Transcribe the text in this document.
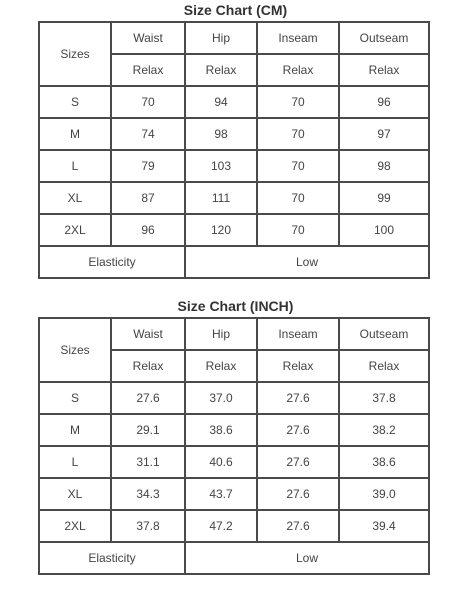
Size Chart (CM)
Sizes	Waist	Hip	Inseam	Outseam
	Relax	Relax	Relax	Relax
S	70	94	70	96
M	74	98	70	97
L	79	103	70	98
XL	87	111	70	99
2XL	96	120	70	100
Elasticity		Low		
Size Chart (INCH)
Sizes	Waist	Hip	Inseam	Outseam
	Relax	Relax	Relax	Relax
S	27.6	37.0	27.6	37.8
M	29.1	38.6	27.6	38.2
L	31.1	40.6	27.6	38.6
XL	34.3	43.7	27.6	39.0
2XL	37.8	47.2	27.6	39.4
Elasticity		Low		
